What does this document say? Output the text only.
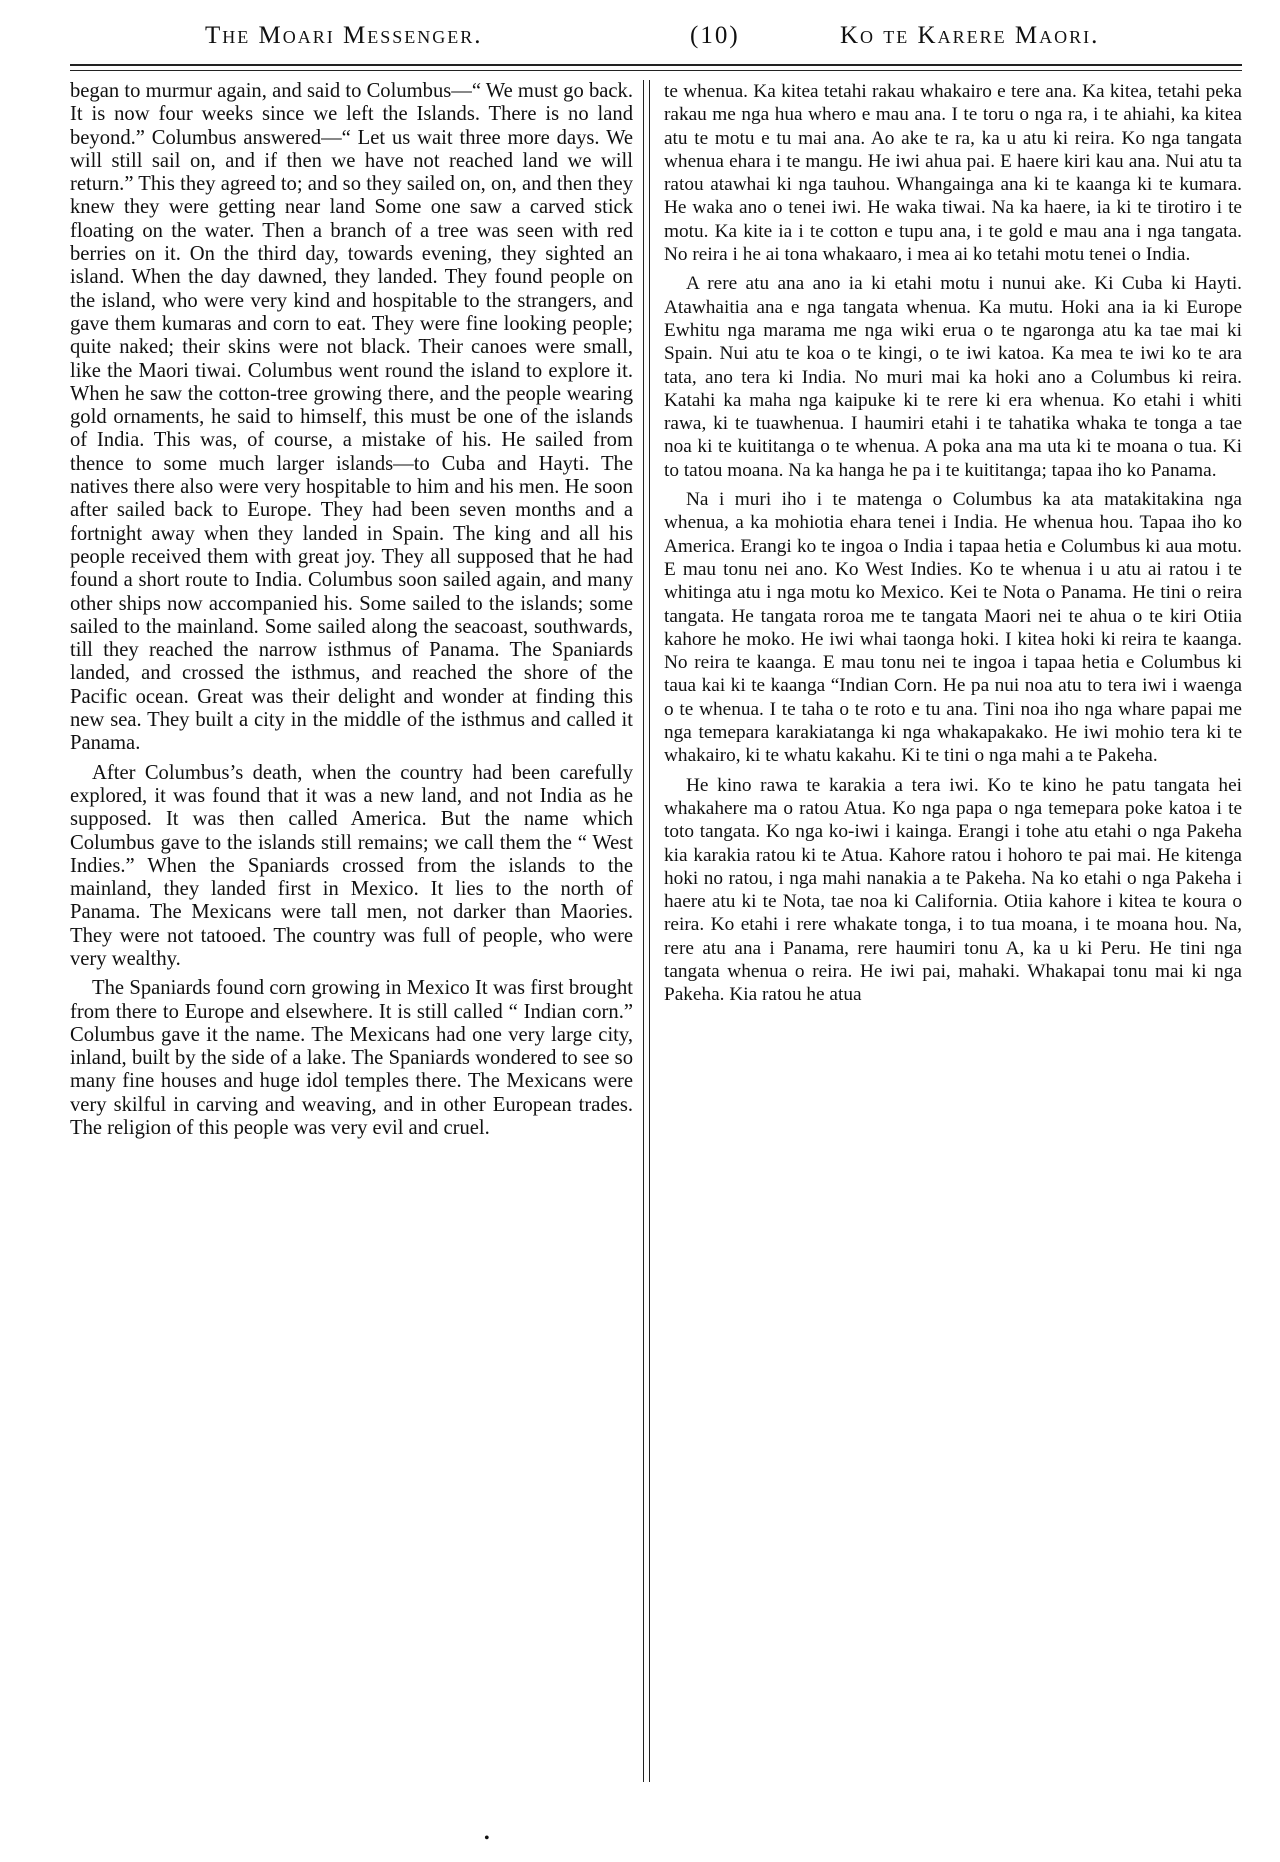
The Moari Messenger.	(10)	Ko te Karere Maori.

began to murmur again, and said to Columbus—“ We must go back. It is now four weeks since we left the Islands. There is no land beyond.” Columbus answered—“ Let us wait three more days. We will still sail on, and if then we have not reached land we will return.” This they agreed to; and so they sailed on, on, and then they knew they were getting near land Some one saw a carved stick floating on the water. Then a branch of a tree was seen with red berries on it. On the third day, towards evening, they sighted an island. When the day dawned, they landed. They found people on the island, who were very kind and hospitable to the strangers, and gave them kumaras and corn to eat. They were fine looking people; quite naked; their skins were not black. Their canoes were small, like the Maori tiwai. Columbus went round the island to explore it. When he saw the cotton-tree growing there, and the people wearing gold ornaments, he said to himself, this must be one of the islands of India. This was, of course, a mistake of his. He sailed from thence to some much larger islands—to Cuba and Hayti. The natives there also were very hospitable to him and his men. He soon after sailed back to Europe. They had been seven months and a fortnight away when they landed in Spain. The king and all his people received them with great joy. They all supposed that he had found a short route to India. Columbus soon sailed again, and many other ships now accompanied his. Some sailed to the islands; some sailed to the mainland. Some sailed along the seacoast, southwards, till they reached the narrow isthmus of Panama. The Spaniards landed, and crossed the isthmus, and reached the shore of the Pacific ocean. Great was their delight and wonder at finding this new sea. They built a city in the middle of the isthmus and called it Panama.

After Columbus’s death, when the country had been carefully explored, it was found that it was a new land, and not India as he supposed. It was then called America. But the name which Columbus gave to the islands still remains; we call them the “ West Indies.” When the Spaniards crossed from the islands to the mainland, they landed first in Mexico. It lies to the north of Panama. The Mexicans were tall men, not darker than Maories. They were not tatooed. The country was full of people, who were very wealthy.

The Spaniards found corn growing in Mexico It was first brought from there to Europe and elsewhere. It is still called “ Indian corn.” Columbus gave it the name. The Mexicans had one very large city, inland, built by the side of a lake. The Spaniards wondered to see so many fine houses and huge idol temples there. The Mexicans were very skilful in carving and weaving, and in other European trades. The religion of this people was very evil and cruel.

te whenua. Ka kitea tetahi rakau whakairo e tere ana. Ka kitea, tetahi peka rakau me nga hua whero e mau ana. I te toru o nga ra, i te ahiahi, ka kitea atu te motu e tu mai ana. Ao ake te ra, ka u atu ki reira. Ko nga tangata whenua ehara i te mangu. He iwi ahua pai. E haere kiri kau ana. Nui atu ta ratou atawhai ki nga tauhou. Whangainga ana ki te kaanga ki te kumara. He waka ano o tenei iwi. He waka tiwai. Na ka haere, ia ki te tirotiro i te motu. Ka kite ia i te cotton e tupu ana, i te gold e mau ana i nga tangata. No reira i he ai tona whakaaro, i mea ai ko tetahi motu tenei o India.

A rere atu ana ano ia ki etahi motu i nunui ake. Ki Cuba ki Hayti. Atawhaitia ana e nga tangata whenua. Ka mutu. Hoki ana ia ki Europe Ewhitu nga marama me nga wiki erua o te ngaronga atu ka tae mai ki Spain. Nui atu te koa o te kingi, o te iwi katoa. Ka mea te iwi ko te ara tata, ano tera ki India. No muri mai ka hoki ano a Columbus ki reira. Katahi ka maha nga kaipuke ki te rere ki era whenua. Ko etahi i whiti rawa, ki te tuawhenua. I haumiri etahi i te tahatika whaka te tonga a tae noa ki te kuititanga o te whenua. A poka ana ma uta ki te moana o tua. Ki to tatou moana. Na ka hanga he pa i te kuititanga; tapaa iho ko Panama.

Na i muri iho i te matenga o Columbus ka ata matakitakina nga whenua, a ka mohiotia ehara tenei i India. He whenua hou. Tapaa iho ko America. Erangi ko te ingoa o India i tapaa hetia e Columbus ki aua motu. E mau tonu nei ano. Ko West Indies. Ko te whenua i u atu ai ratou i te whitinga atu i nga motu ko Mexico. Kei te Nota o Panama. He tini o reira tangata. He tangata roroa me te tangata Maori nei te ahua o te kiri Otiia kahore he moko. He iwi whai taonga hoki. I kitea hoki ki reira te kaanga. No reira te kaanga. E mau tonu nei te ingoa i tapaa hetia e Columbus ki taua kai ki te kaanga “Indian Corn. He pa nui noa atu to tera iwi i waenga o te whenua. I te taha o te roto e tu ana. Tini noa iho nga whare papai me nga temepara karakiatanga ki nga whakapakako. He iwi mohio tera ki te whakairo, ki te whatu kakahu. Ki te tini o nga mahi a te Pakeha.

He kino rawa te karakia a tera iwi. Ko te kino he patu tangata hei whakahere ma o ratou Atua. Ko nga papa o nga temepara poke katoa i te toto tangata. Ko nga ko-iwi i kainga. Erangi i tohe atu etahi o nga Pakeha kia karakia ratou ki te Atua. Kahore ratou i hohoro te pai mai. He kitenga hoki no ratou, i nga mahi nanakia a te Pakeha. Na ko etahi o nga Pakeha i haere atu ki te Nota, tae noa ki California. Otiia kahore i kitea te koura o reira. Ko etahi i rere whakate tonga, i to tua moana, i te moana hou. Na, rere atu ana i Panama, rere haumiri tonu A, ka u ki Peru. He tini nga tangata whenua o reira. He iwi pai, mahaki. Whakapai tonu mai ki nga Pakeha. Kia ratou he atua

•
